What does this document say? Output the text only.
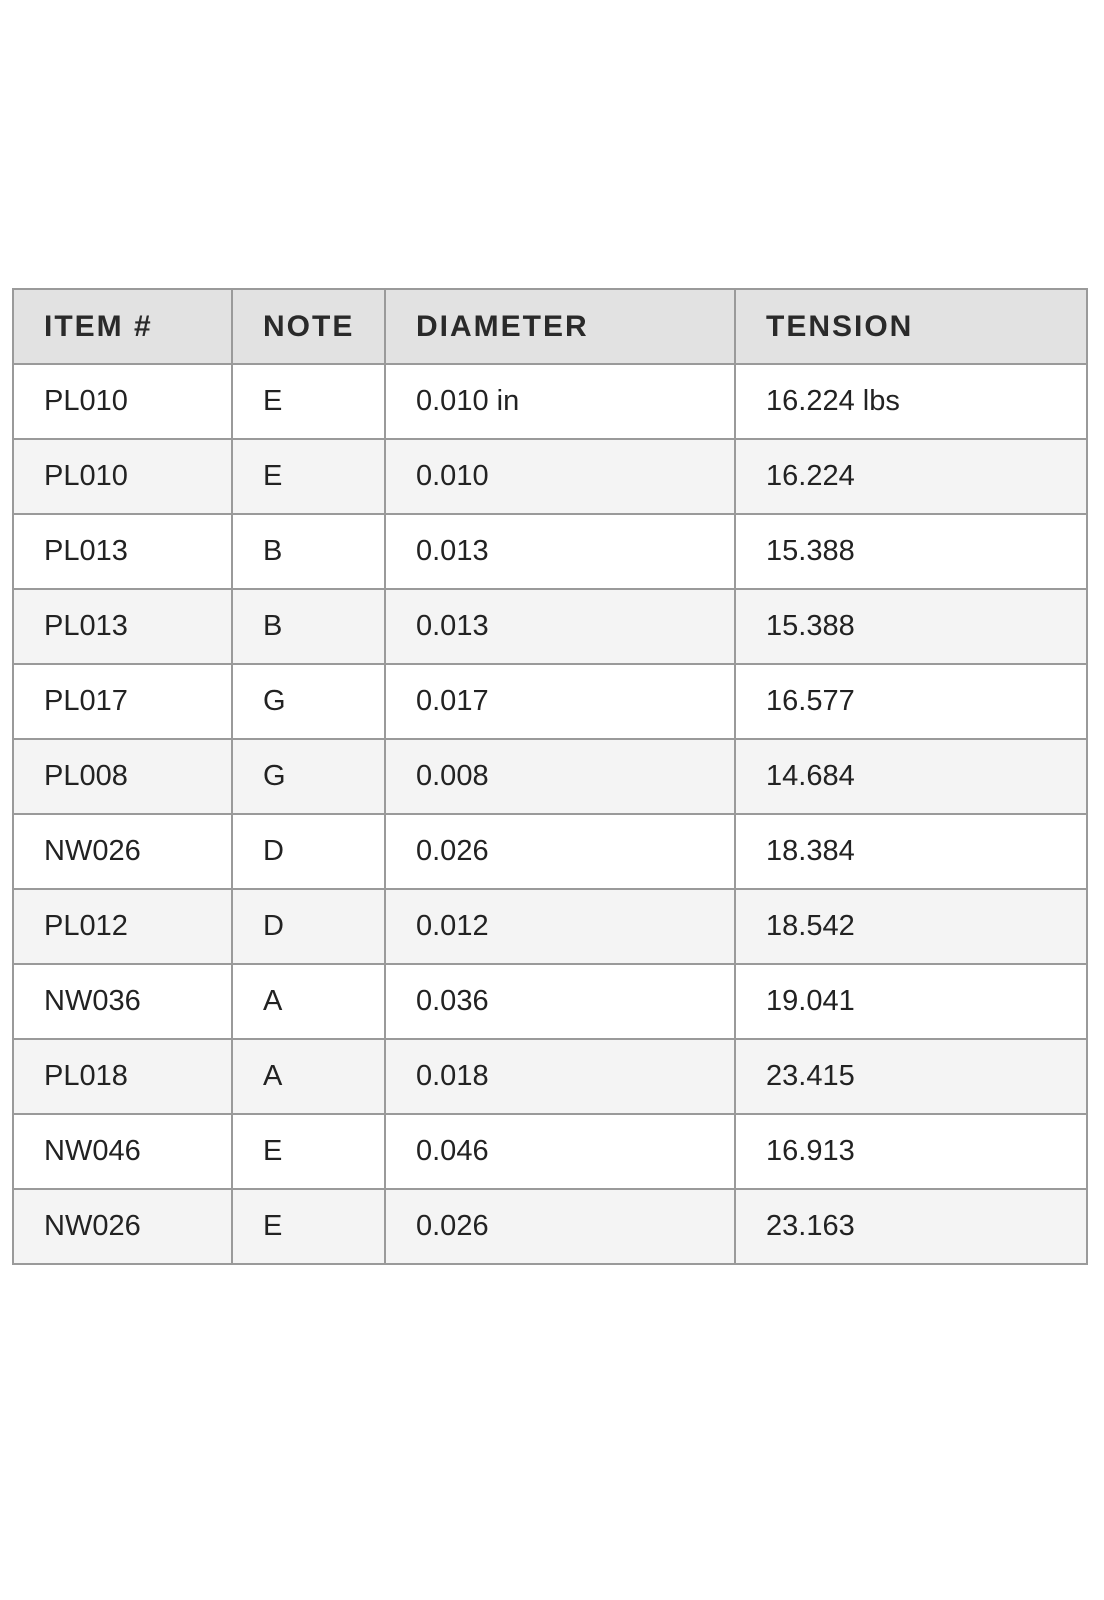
ITEM #	NOTE	DIAMETER	TENSION
PL010	E	0.010 in	16.224 lbs
PL010	E	0.010	16.224
PL013	B	0.013	15.388
PL013	B	0.013	15.388
PL017	G	0.017	16.577
PL008	G	0.008	14.684
NW026	D	0.026	18.384
PL012	D	0.012	18.542
NW036	A	0.036	19.041
PL018	A	0.018	23.415
NW046	E	0.046	16.913
NW026	E	0.026	23.163
